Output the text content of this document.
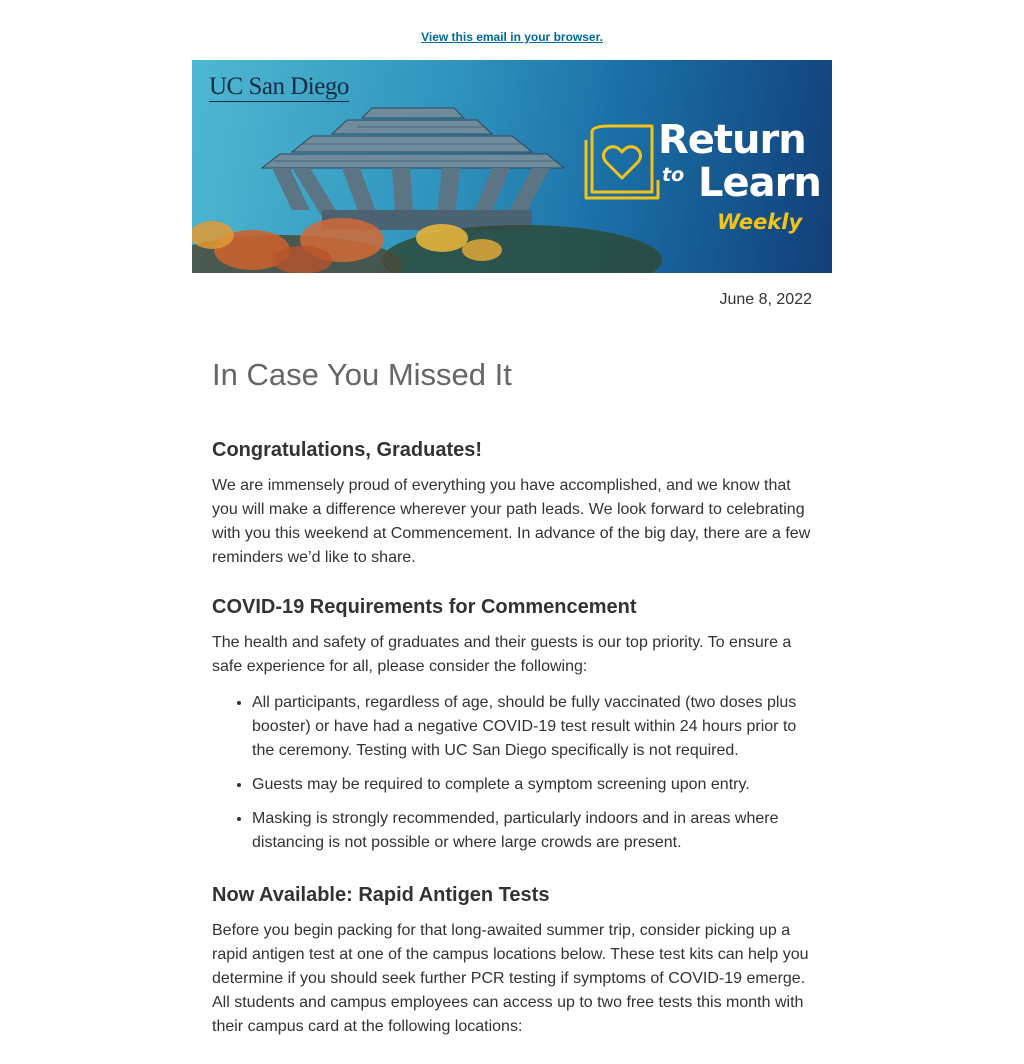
View this email in your browser.
UC San Diego
Return
to Learn
Weekly
June 8, 2022
In Case You Missed It
Congratulations, Graduates!

We are immensely proud of everything you have accomplished, and we know that you will make a difference wherever your path leads. We look forward to celebrating with you this weekend at Commencement. In advance of the big day, there are a few reminders we’d like to share.

COVID-19 Requirements for Commencement

The health and safety of graduates and their guests is our top priority. To ensure a safe experience for all, please consider the following:

• All participants, regardless of age, should be fully vaccinated (two doses plus booster) or have had a negative COVID-19 test result within 24 hours prior to the ceremony. Testing with UC San Diego specifically is not required.
• Guests may be required to complete a symptom screening upon entry.
• Masking is strongly recommended, particularly indoors and in areas where distancing is not possible or where large crowds are present.
Now Available: Rapid Antigen Tests

Before you begin packing for that long-awaited summer trip, consider picking up a rapid antigen test at one of the campus locations below. These test kits can help you determine if you should seek further PCR testing if symptoms of COVID-19 emerge. All students and campus employees can access up to two free tests this month with their campus card at the following locations:
